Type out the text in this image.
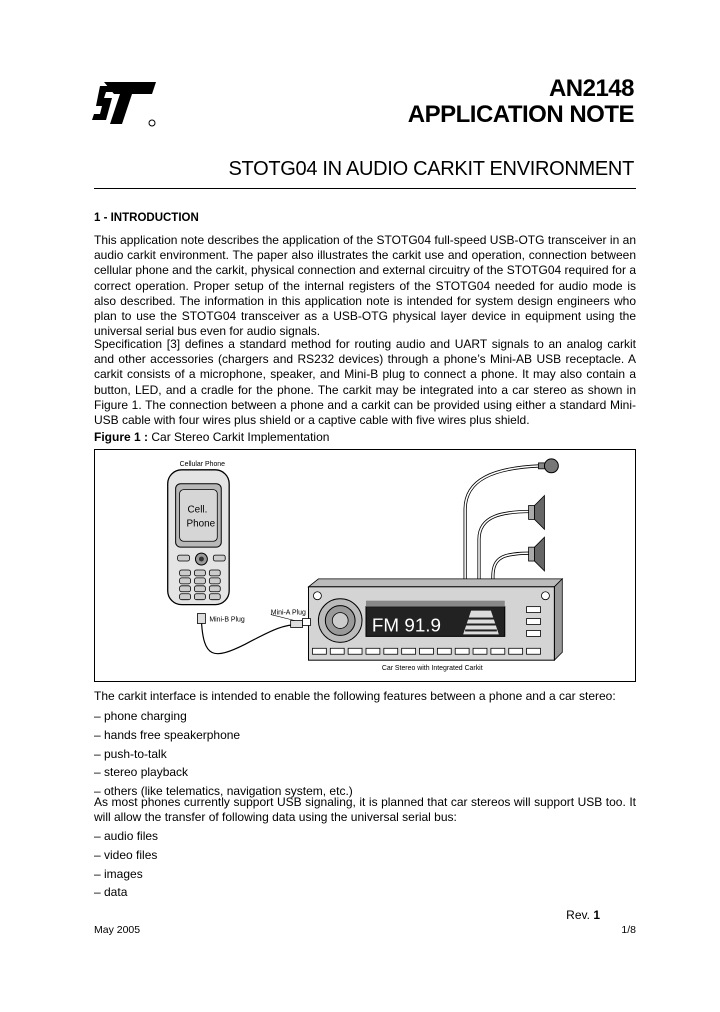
AN2148
APPLICATION NOTE
STOTG04 IN AUDIO CARKIT ENVIRONMENT
1 - INTRODUCTION
This application note describes the application of the STOTG04 full-speed USB-OTG transceiver in an audio carkit environment. The paper also illustrates the carkit use and operation, connection between cellular phone and the carkit, physical connection and external circuitry of the STOTG04 required for a correct operation. Proper setup of the internal registers of the STOTG04 needed for audio mode is also described. The information in this application note is intended for system design engineers who plan to use the STOTG04 transceiver as a USB-OTG physical layer device in equipment using the universal serial bus even for audio signals.
Specification [3] defines a standard method for routing audio and UART signals to an analog carkit and other accessories (chargers and RS232 devices) through a phone’s Mini-AB USB receptacle. A carkit consists of a microphone, speaker, and Mini-B plug to connect a phone. It may also contain a button, LED, and a cradle for the phone. The carkit may be integrated into a car stereo as shown in Figure 1. The connection between a phone and a carkit can be provided using either a standard Mini-USB cable with four wires plus shield or a captive cable with five wires plus shield.
Figure 1 : Car Stereo Carkit Implementation
Cellular Phone
Cell.
Phone
Mini-A Plug
Mini-B Plug	FM 91.9
Car Stereo with Integrated Carkit
The carkit interface is intended to enable the following features between a phone and a car stereo:
– phone charging
– hands free speakerphone
– push-to-talk
– stereo playback
– others (like telematics, navigation system, etc.)
As most phones currently support USB signaling, it is planned that car stereos will support USB too. It will allow the transfer of following data using the universal serial bus:
– audio files
– video files
– images
– data
Rev. 1
May 2005	1/8
